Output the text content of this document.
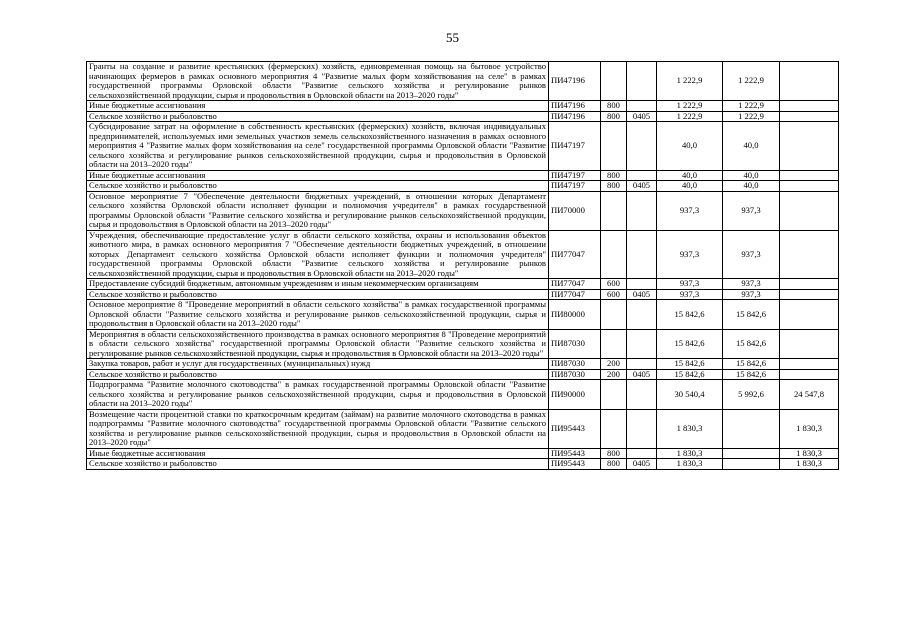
55
Гранты на создание и развитие крестьянских (фермерских) хозяйств, единовременная помощь на бытовое устройство начинающих фермеров в рамках основного мероприятия 4 "Развитие малых форм хозяйствования на селе" в рамках государственной программы Орловской области "Развитие сельского хозяйства и регулирование рынков сельскохозяйственной продукции, сырья и продовольствия в Орловской области на 2013–2020 годы"	ПИ47196			1 222,9	1 222,9	
Иные бюджетные ассигнования	ПИ47196	800		1 222,9	1 222,9	
Сельское хозяйство и рыболовство	ПИ47196	800	0405	1 222,9	1 222,9	
Субсидирование затрат на оформление в собственность крестьянских (фермерских) хозяйств, включая индивидуальных предпринимателей, используемых ими земельных участков земель сельскохозяйственного назначения в рамках основного мероприятия 4 "Развитие малых форм хозяйствования на селе" государственной программы Орловской области "Развитие сельского хозяйства и регулирование рынков сельскохозяйственной продукции, сырья и продовольствия в Орловской области на 2013–2020 годы"	ПИ47197			40,0	40,0	
Иные бюджетные ассигнования	ПИ47197	800		40,0	40,0	
Сельское хозяйство и рыболовство	ПИ47197	800	0405	40,0	40,0	
Основное мероприятие 7 "Обеспечение деятельности бюджетных учреждений, в отношении которых Департамент сельского хозяйства Орловской области исполняет функции и полномочия учредителя" в рамках государственной программы Орловской области "Развитие сельского хозяйства и регулирование рынков сельскохозяйственной продукции, сырья и продовольствия в Орловской области на 2013–2020 годы"	ПИ70000			937,3	937,3	
Учреждения, обеспечивающие предоставление услуг в области сельского хозяйства, охраны и использования объектов животного мира, в рамках основного мероприятия 7 "Обеспечение деятельности бюджетных учреждений, в отношении которых Департамент сельского хозяйства Орловской области исполняет функции и полномочия учредителя" государственной программы Орловской области "Развитие сельского хозяйства и регулирование рынков сельскохозяйственной продукции, сырья и продовольствия в Орловской области на 2013–2020 годы"	ПИ77047			937,3	937,3	
Предоставление субсидий бюджетным, автономным учреждениям и иным некоммерческим организациям	ПИ77047	600		937,3	937,3	
Сельское хозяйство и рыболовство	ПИ77047	600	0405	937,3	937,3	
Основное мероприятие 8 "Проведение мероприятий в области сельского хозяйства" в рамках государственной программы Орловской области "Развитие сельского хозяйства и регулирование рынков сельскохозяйственной продукции, сырья и продовольствия в Орловской области на 2013–2020 годы"	ПИ80000			15 842,6	15 842,6	
Мероприятия в области сельскохозяйственного производства в рамках основного мероприятия 8 "Проведение мероприятий в области сельского хозяйства" государственной программы Орловской области "Развитие сельского хозяйства и регулирование рынков сельскохозяйственной продукции, сырья и продовольствия в Орловской области на 2013–2020 годы"	ПИ87030			15 842,6	15 842,6	
Закупка товаров, работ и услуг для государственных (муниципальных) нужд	ПИ87030	200		15 842,6	15 842,6	
Сельское хозяйство и рыболовство	ПИ87030	200	0405	15 842,6	15 842,6	
Подпрограмма "Развитие молочного скотоводства" в рамках государственной программы Орловской области "Развитие сельского хозяйства и регулирование рынков сельскохозяйственной продукции, сырья и продовольствия в Орловской области на 2013–2020 годы"	ПИ90000			30 540,4	5 992,6	24 547,8
Возмещение части процентной ставки по краткосрочным кредитам (займам) на развитие молочного скотоводства в рамках подпрограммы "Развитие молочного скотоводства" государственной программы Орловской области "Развитие сельского хозяйства и регулирование рынков сельскохозяйственной продукции, сырья и продовольствия в Орловской области на 2013–2020 годы"	ПИ95443			1 830,3		1 830,3
Иные бюджетные ассигнования	ПИ95443	800		1 830,3		1 830,3
Сельское хозяйство и рыболовство	ПИ95443	800	0405	1 830,3		1 830,3
